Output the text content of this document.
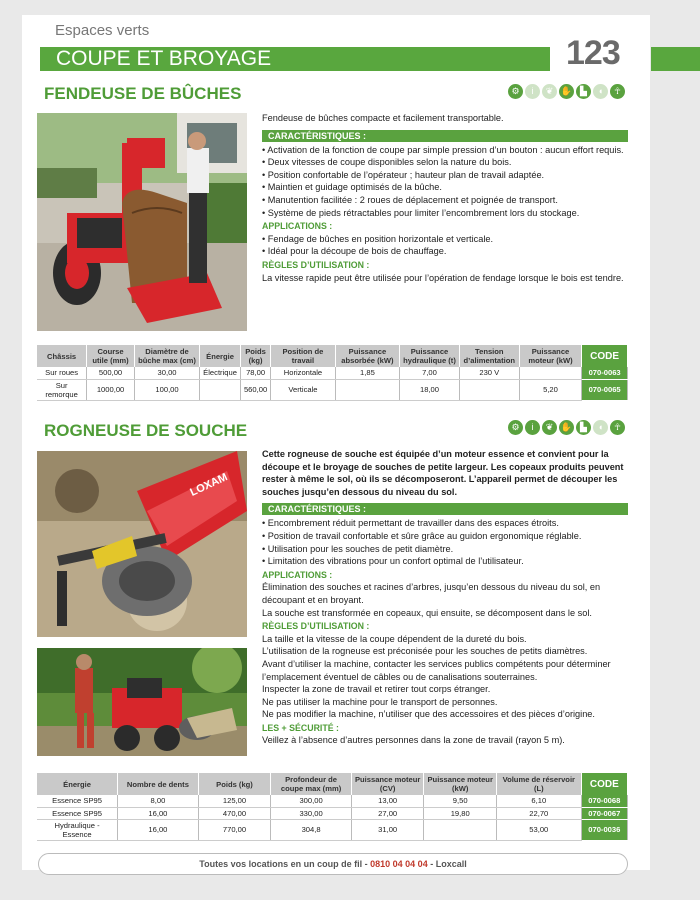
Espaces verts
COUPE ET BROYAGE	123
FENDEUSE DE BÛCHES	⚙	i	❦ ✋ ▙	◖	☥
Fendeuse de bûches compacte et facilement transportable.
CARACTÉRISTIQUES :
• Activation de la fonction de coupe par simple pression d’un bouton : aucun effort requis.
• Deux vitesses de coupe disponibles selon la nature du bois.
• Position confortable de l’opérateur ; hauteur plan de travail adaptée.
• Maintien et guidage optimisés de la bûche.
• Manutention facilitée : 2 roues de déplacement et poignée de transport.
• Système de pieds rétractables pour limiter l’encombrement lors du stockage.
APPLICATIONS :
• Fendage de bûches en position horizontale et verticale.
• Idéal pour la découpe de bois de chauffage.
RÈGLES D’UTILISATION :
La vitesse rapide peut être utilisée pour l’opération de fendage lorsque le bois est tendre.
Châssis	Course utile (mm)	Diamètre de bûche max (cm)	Énergie	Poids (kg)	Position de travail	Puissance absorbée (kW)	Puissance hydraulique (t)	Tension d’alimentation	Puissance moteur (kW)	CODE
Sur roues	500,00	30,00	Électrique	78,00	Horizontale	1,85	7,00	230 V		070-0063
Sur remorque	1000,00	100,00		560,00	Verticale		18,00		5,20	070-0065
ROGNEUSE DE SOUCHE	⚙	i	❦ ✋ ▙	◖	☥
LOXAM
Cette rogneuse de souche est équipée d’un moteur essence et convient pour la découpe et le broyage de souches de petite largeur. Les copeaux produits peuvent rester à même le sol, où ils se décomposeront. L’appareil permet de découper les souches jusqu’en dessous du niveau du sol.
CARACTÉRISTIQUES :
• Encombrement réduit permettant de travailler dans des espaces étroits.
• Position de travail confortable et sûre grâce au guidon ergonomique réglable.
• Utilisation pour les souches de petit diamètre.
• Limitation des vibrations pour un confort optimal de l’utilisateur.
APPLICATIONS :
Élimination des souches et racines d’arbres, jusqu’en dessous du niveau du sol, en découpant et en broyant.
La souche est transformée en copeaux, qui ensuite, se décomposent dans le sol.
RÈGLES D’UTILISATION :
La taille et la vitesse de la coupe dépendent de la dureté du bois.
L’utilisation de la rogneuse est préconisée pour les souches de petits diamètres.
Avant d’utiliser la machine, contacter les services publics compétents pour déterminer l’emplacement éventuel de câbles ou de canalisations souterraines.
Inspecter la zone de travail et retirer tout corps étranger.
Ne pas utiliser la machine pour le transport de personnes.
Ne pas modifier la machine, n’utiliser que des accessoires et des pièces d’origine.
LES + SÉCURITÉ :
Veillez à l’absence d’autres personnes dans la zone de travail (rayon 5 m).
Énergie	Nombre de dents	Poids (kg)	Profondeur de coupe max (mm)	Puissance moteur (CV)	Puissance moteur (kW)	Volume de réservoir (L)	CODE
Essence SP95	8,00	125,00	300,00	13,00	9,50	6,10	070-0068
Essence SP95	16,00	470,00	330,00	27,00	19,80	22,70	070-0067
Hydraulique - Essence	16,00	770,00	304,8	31,00		53,00	070-0036
Toutes vos locations en un coup de fil - 0810 04 04 04 - Loxcall
